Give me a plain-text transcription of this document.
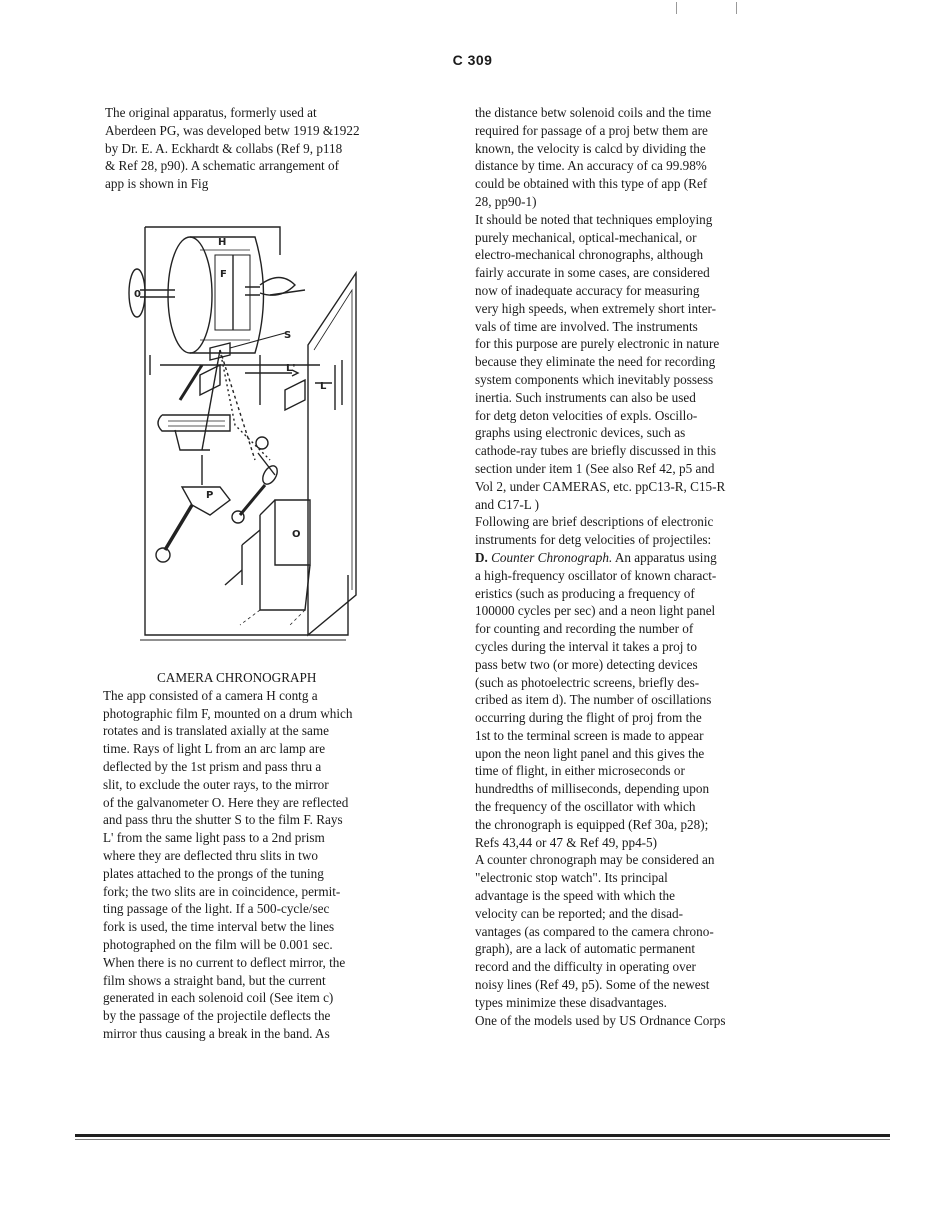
C 309
The original apparatus, formerly used at
Aberdeen PG, was developed betw 1919 &1922
by Dr. E. A. Eckhardt & collabs (Ref 9, p118
& Ref 28, p90). A schematic arrangement of
app is shown in Fig
H
F
S
L'
L
P
O
0
CAMERA CHRONOGRAPH
The app consisted of a camera H contg a
photographic film F, mounted on a drum which
rotates and is translated axially at the same
time. Rays of light L from an arc lamp are
deflected by the 1st prism and pass thru a
slit, to exclude the outer rays, to the mirror
of the galvanometer O. Here they are reflected
and pass thru the shutter S to the film F. Rays
L' from the same light pass to a 2nd prism
where they are deflected thru slits in two
plates attached to the prongs of the tuning
fork; the two slits are in coincidence, permit-
ting passage of the light. If a 500-cycle/sec
fork is used, the time interval betw the lines
photographed on the film will be 0.001 sec.
When there is no current to deflect mirror, the
film shows a straight band, but the current
generated in each solenoid coil (See item c)
by the passage of the projectile deflects the
mirror thus causing a break in the band. As
the distance betw solenoid coils and the time
required for passage of a proj betw them are
known, the velocity is calcd by dividing the
distance by time. An accuracy of ca 99.98%
could be obtained with this type of app (Ref
28, pp90-1)
It should be noted that techniques employing
purely mechanical, optical-mechanical, or
electro-mechanical chronographs, although
fairly accurate in some cases, are considered
now of inadequate accuracy for measuring
very high speeds, when extremely short inter-
vals of time are involved. The instruments
for this purpose are purely electronic in nature
because they eliminate the need for recording
system components which inevitably possess
inertia. Such instruments can also be used
for detg deton velocities of expls. Oscillo-
graphs using electronic devices, such as
cathode-ray tubes are briefly discussed in this
section under item 1 (See also Ref 42, p5 and
Vol 2, under CAMERAS, etc. ppC13-R, C15-R
and C17-L )
Following are brief descriptions of electronic
instruments for detg velocities of projectiles:
D. Counter Chronograph. An apparatus using
a high-frequency oscillator of known charact-
eristics (such as producing a frequency of
100000 cycles per sec) and a neon light panel
for counting and recording the number of
cycles during the interval it takes a proj to
pass betw two (or more) detecting devices
(such as photoelectric screens, briefly des-
cribed as item d). The number of oscillations
occurring during the flight of proj from the
1st to the terminal screen is made to appear
upon the neon light panel and this gives the
time of flight, in either microseconds or
hundredths of milliseconds, depending upon
the frequency of the oscillator with which
the chronograph is equipped (Ref 30a, p28);
Refs 43,44 or 47 & Ref 49, pp4-5)
A counter chronograph may be considered an
"electronic stop watch". Its principal
advantage is the speed with which the
velocity can be reported; and the disad-
vantages (as compared to the camera chrono-
graph), are a lack of automatic permanent
record and the difficulty in operating over
noisy lines (Ref 49, p5). Some of the newest
types minimize these disadvantages.
One of the models used by US Ordnance Corps
